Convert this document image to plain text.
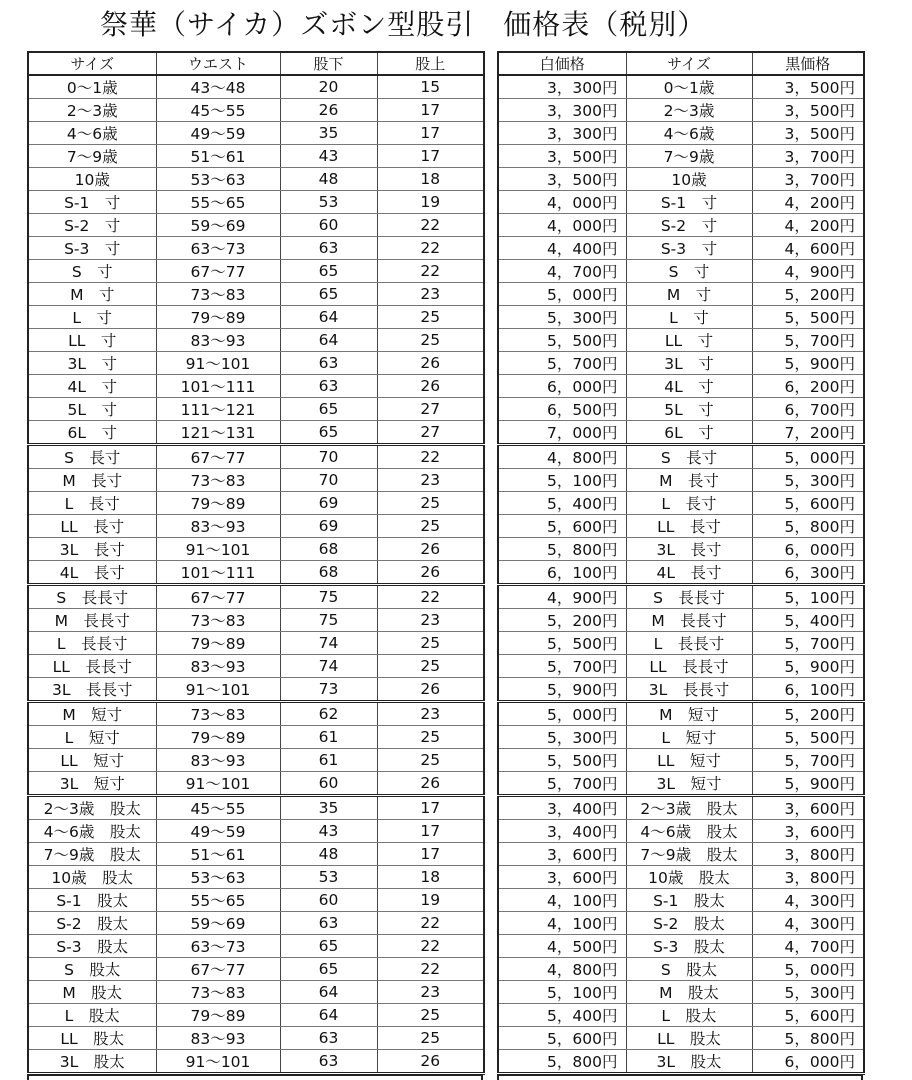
祭華（サイカ）ズボン型股引　価格表（税別）
サイズ	ウエスト	股下	股上
0～1歳	43～48	20	15
2～3歳	45～55	26	17
4～6歳	49～59	35	17
7～9歳	51～61	43	17
10歳	53～63	48	18
S-1　寸	55～65	53	19
S-2　寸	59～69	60	22
S-3　寸	63～73	63	22
S　寸	67～77	65	22
M　寸	73～83	65	23
L　寸	79～89	64	25
LL　寸	83～93	64	25
3L　寸	91～101	63	26
4L　寸	101～111	63	26
5L　寸	111～121	65	27
6L　寸	121～131	65	27
S　長寸	67～77	70	22
M　長寸	73～83	70	23
L　長寸	79～89	69	25
LL　長寸	83～93	69	25
3L　長寸	91～101	68	26
4L　長寸	101～111	68	26
S　長長寸	67～77	75	22
M　長長寸	73～83	75	23
L　長長寸	79～89	74	25
LL　長長寸	83～93	74	25
3L　長長寸	91～101	73	26
M　短寸	73～83	62	23
L　短寸	79～89	61	25
LL　短寸	83～93	61	25
3L　短寸	91～101	60	26
2～3歳　股太	45～55	35	17
4～6歳　股太	49～59	43	17
7～9歳　股太	51～61	48	17
10歳　股太	53～63	53	18
S-1　股太	55～65	60	19
S-2　股太	59～69	63	22
S-3　股太	63～73	65	22
S　股太	67～77	65	22
M　股太	73～83	64	23
L　股太	79～89	64	25
LL　股太	83～93	63	25
3L　股太	91～101	63	26
白価格	サイズ	黒価格
3，300円	0～1歳	3，500円
3，300円	2～3歳	3，500円
3，300円	4～6歳	3，500円
3，500円	7～9歳	3，700円
3，500円	10歳	3，700円
4，000円	S-1　寸	4，200円
4，000円	S-2　寸	4，200円
4，400円	S-3　寸	4，600円
4，700円	S　寸	4，900円
5，000円	M　寸	5，200円
5，300円	L　寸	5，500円
5，500円	LL　寸	5，700円
5，700円	3L　寸	5，900円
6，000円	4L　寸	6，200円
6，500円	5L　寸	6，700円
7，000円	6L　寸	7，200円
4，800円	S　長寸	5，000円
5，100円	M　長寸	5，300円
5，400円	L　長寸	5，600円
5，600円	LL　長寸	5，800円
5，800円	3L　長寸	6，000円
6，100円	4L　長寸	6，300円
4，900円	S　長長寸	5，100円
5，200円	M　長長寸	5，400円
5，500円	L　長長寸	5，700円
5，700円	LL　長長寸	5，900円
5，900円	3L　長長寸	6，100円
5，000円	M　短寸	5，200円
5，300円	L　短寸	5，500円
5，500円	LL　短寸	5，700円
5，700円	3L　短寸	5，900円
3，400円	2～3歳　股太	3，600円
3，400円	4～6歳　股太	3，600円
3，600円	7～9歳　股太	3，800円
3，600円	10歳　股太	3，800円
4，100円	S-1　股太	4，300円
4，100円	S-2　股太	4，300円
4，500円	S-3　股太	4，700円
4，800円	S　股太	5，000円
5，100円	M　股太	5，300円
5，400円	L　股太	5，600円
5，600円	LL　股太	5，800円
5，800円	3L　股太	6，000円
